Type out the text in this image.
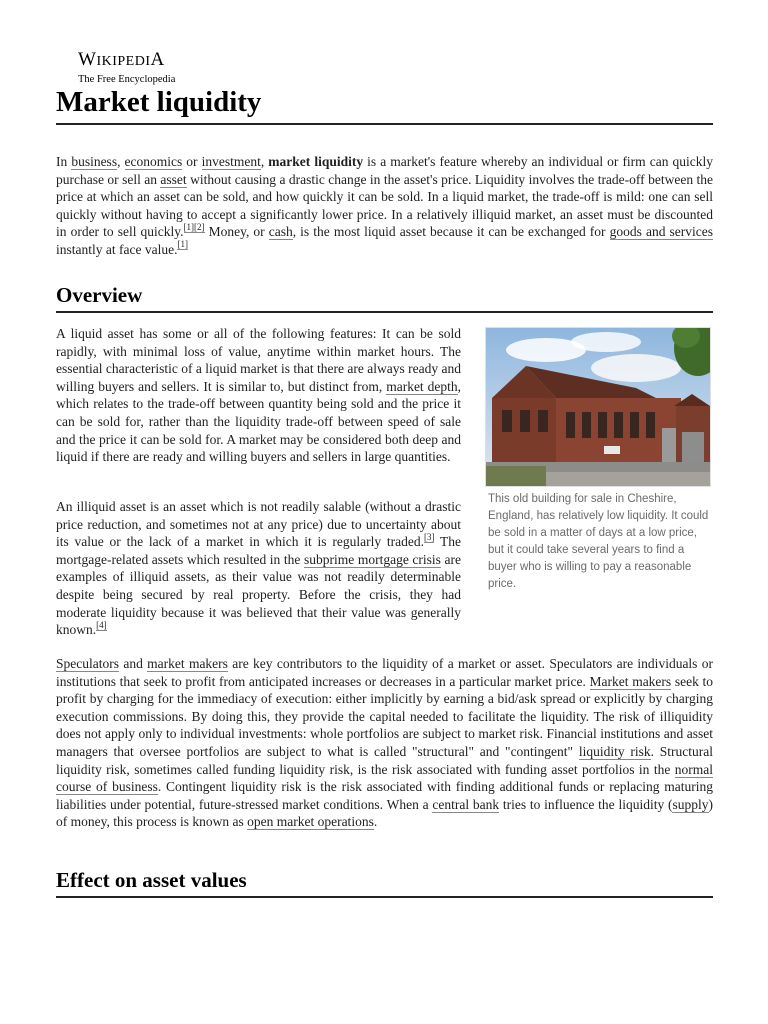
WIKIPEDIA
The Free Encyclopedia
Market liquidity

In business, economics or investment, market liquidity is a market's feature whereby an individual or firm can quickly purchase or sell an asset without causing a drastic change in the asset's price. Liquidity involves the trade-off between the price at which an asset can be sold, and how quickly it can be sold. In a liquid market, the trade-off is mild: one can sell quickly without having to accept a significantly lower price. In a relatively illiquid market, an asset must be discounted in order to sell quickly.[1][2] Money, or cash, is the most liquid asset because it can be exchanged for goods and services instantly at face value.[1]

Overview

A liquid asset has some or all of the following features: It can be sold rapidly, with minimal loss of value, anytime within market hours. The essential characteristic of a liquid market is that there are always ready and willing buyers and sellers. It is similar to, but distinct from, market depth, which relates to the trade-off between quantity being sold and the price it can be sold for, rather than the liquidity trade-off between speed of sale and the price it can be sold for. A market may be considered both deep and liquid if there are ready and willing buyers and sellers in large quantities.

An illiquid asset is an asset which is not readily salable (without a drastic price reduction, and sometimes not at any price) due to uncertainty about its value or the lack of a market in which it is regularly traded.[3] The mortgage-related assets which resulted in the subprime mortgage crisis are examples of illiquid assets, as their value was not readily determinable despite being secured by real property. Before the crisis, they had moderate liquidity because it was believed that their value was generally known.[4]

This old building for sale in Cheshire, England, has relatively low liquidity. It could be sold in a matter of days at a low price, but it could take several years to find a buyer who is willing to pay a reasonable price.

Speculators and market makers are key contributors to the liquidity of a market or asset. Speculators are individuals or institutions that seek to profit from anticipated increases or decreases in a particular market price. Market makers seek to profit by charging for the immediacy of execution: either implicitly by earning a bid/ask spread or explicitly by charging execution commissions. By doing this, they provide the capital needed to facilitate the liquidity. The risk of illiquidity does not apply only to individual investments: whole portfolios are subject to market risk. Financial institutions and asset managers that oversee portfolios are subject to what is called "structural" and "contingent" liquidity risk. Structural liquidity risk, sometimes called funding liquidity risk, is the risk associated with funding asset portfolios in the normal course of business. Contingent liquidity risk is the risk associated with finding additional funds or replacing maturing liabilities under potential, future-stressed market conditions. When a central bank tries to influence the liquidity (supply) of money, this process is known as open market operations.

Effect on asset values
